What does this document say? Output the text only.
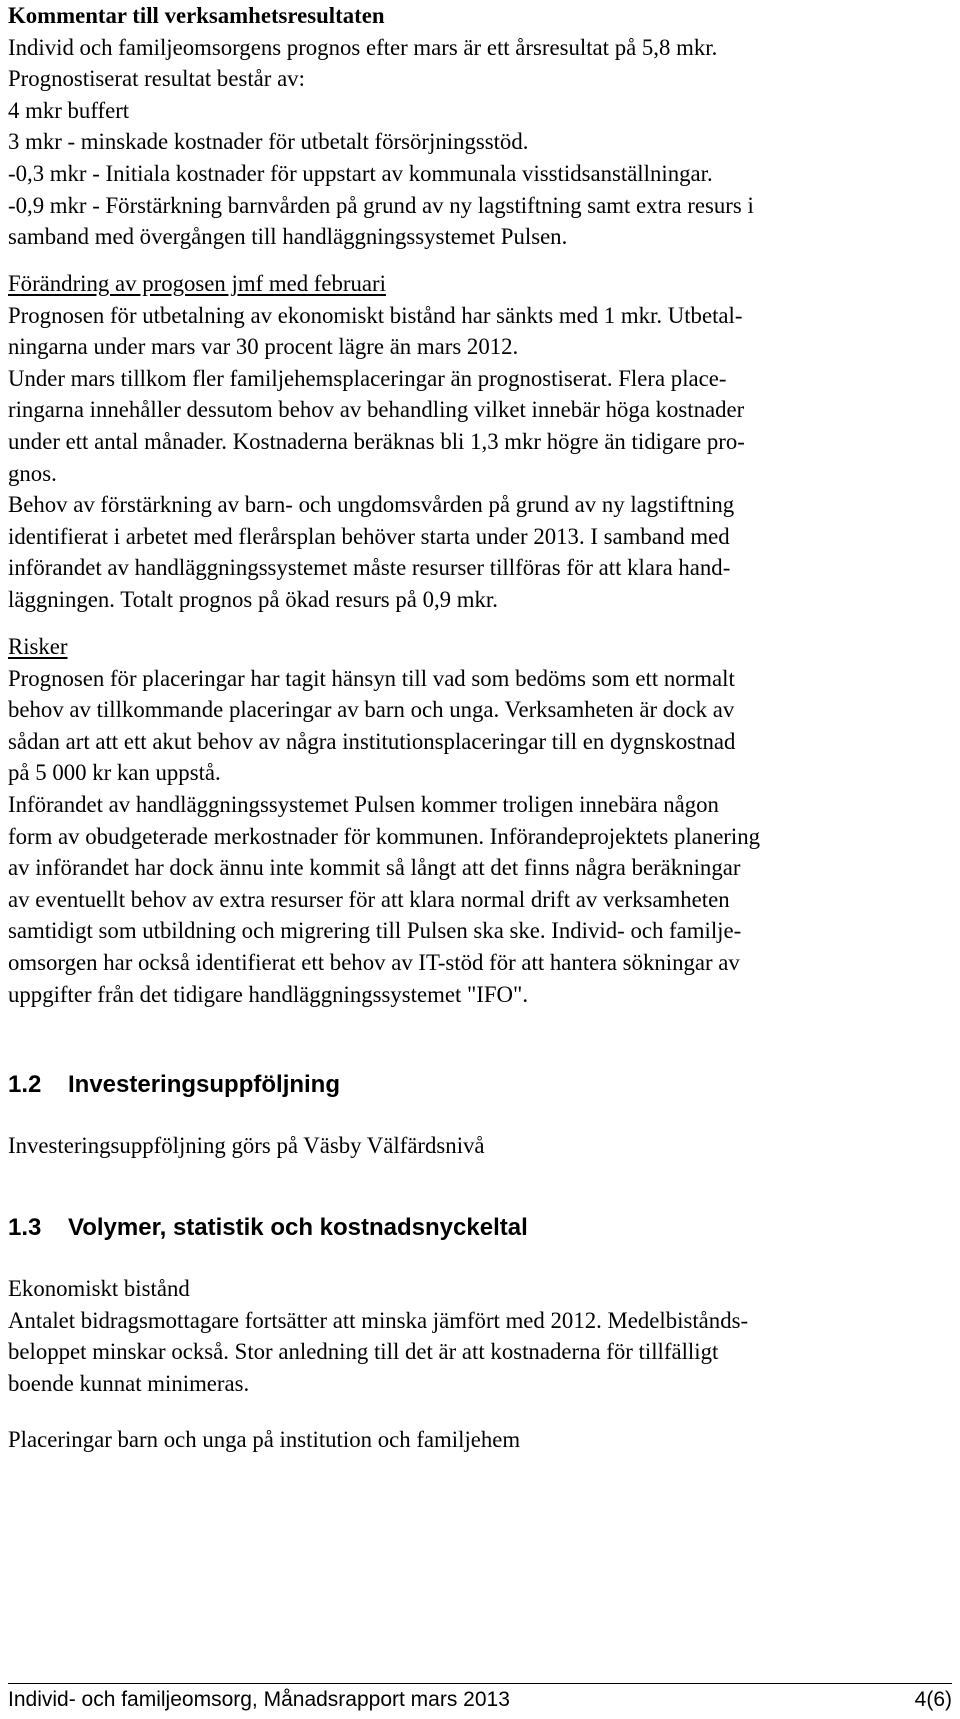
Kommentar till verksamhetsresultaten
Individ och familjeomsorgens prognos efter mars är ett årsresultat på 5,8 mkr.
Prognostiserat resultat består av:
4 mkr buffert
3 mkr - minskade kostnader för utbetalt försörjningsstöd.
-0,3 mkr - Initiala kostnader för uppstart av kommunala visstidsanställningar.
-0,9 mkr - Förstärkning barnvården på grund av ny lagstiftning samt extra resurs i
samband med övergången till handläggningssystemet Pulsen.
Förändring av progosen jmf med februari
Prognosen för utbetalning av ekonomiskt bistånd har sänkts med 1 mkr. Utbetal-
ningarna under mars var 30 procent lägre än mars 2012.
Under mars tillkom fler familjehemsplaceringar än prognostiserat. Flera place-
ringarna innehåller dessutom behov av behandling vilket innebär höga kostnader
under ett antal månader. Kostnaderna beräknas bli 1,3 mkr högre än tidigare pro-
gnos.
Behov av förstärkning av barn- och ungdomsvården på grund av ny lagstiftning
identifierat i arbetet med flerårsplan behöver starta under 2013. I samband med
införandet av handläggningssystemet måste resurser tillföras för att klara hand-
läggningen. Totalt prognos på ökad resurs på 0,9 mkr.
Risker
Prognosen för placeringar har tagit hänsyn till vad som bedöms som ett normalt
behov av tillkommande placeringar av barn och unga. Verksamheten är dock av
sådan art att ett akut behov av några institutionsplaceringar till en dygnskostnad
på 5 000 kr kan uppstå.
Införandet av handläggningssystemet Pulsen kommer troligen innebära någon
form av obudgeterade merkostnader för kommunen. Införandeprojektets planering
av införandet har dock ännu inte kommit så långt att det finns några beräkningar
av eventuellt behov av extra resurser för att klara normal drift av verksamheten
samtidigt som utbildning och migrering till Pulsen ska ske. Individ- och familje-
omsorgen har också identifierat ett behov av IT-stöd för att hantera sökningar av
uppgifter från det tidigare handläggningssystemet "IFO".
1.2 Investeringsuppföljning
Investeringsuppföljning görs på Väsby Välfärdsnivå
1.3 Volymer, statistik och kostnadsnyckeltal
Ekonomiskt bistånd
Antalet bidragsmottagare fortsätter att minska jämfört med 2012. Medelbistånds-
beloppet minskar också. Stor anledning till det är att kostnaderna för tillfälligt
boende kunnat minimeras.
Placeringar barn och unga på institution och familjehem
Individ- och familjeomsorg, Månadsrapport mars 2013	4(6)
